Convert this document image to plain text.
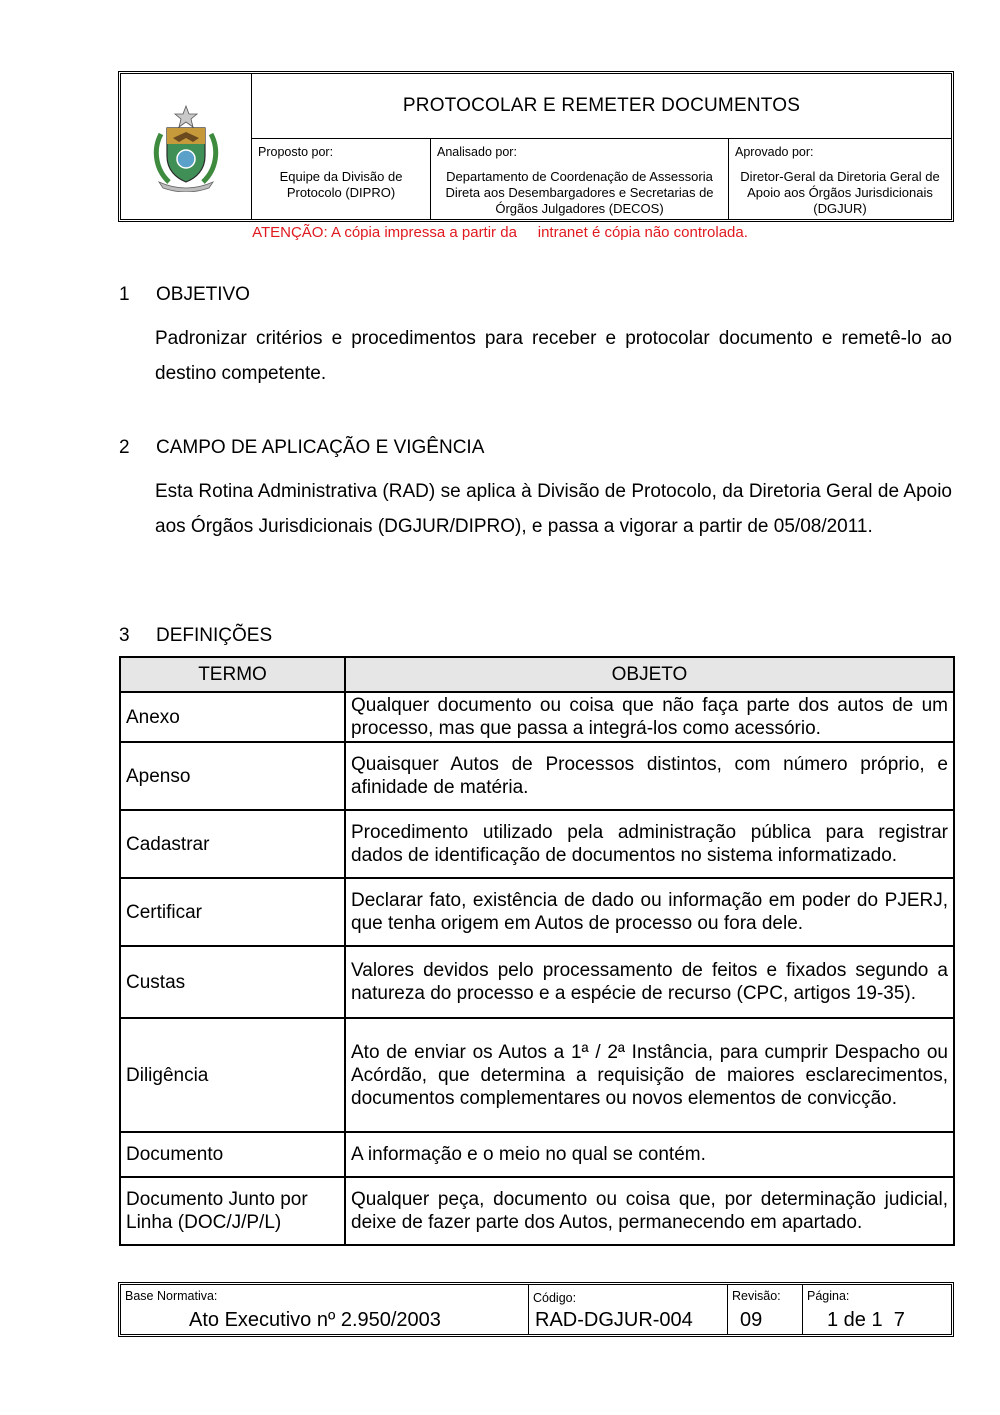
PROTOCOLAR E REMETER DOCUMENTOS
Proposto por:
Equipe da Divisão de Protocolo (DIPRO)
Analisado por:
Departamento de Coordenação de Assessoria Direta aos Desembargadores e Secretarias de Órgãos Julgadores (DECOS)
Aprovado por:
Diretor-Geral da Diretoria Geral de Apoio aos Órgãos Jurisdicionais (DGJUR)
ATENÇÃO: A cópia impressa a partir da     intranet é cópia não controlada.
1 OBJETIVO
Padronizar critérios e procedimentos para receber e protocolar documento e remetê-lo ao destino competente.
2 CAMPO DE APLICAÇÃO E VIGÊNCIA
Esta Rotina Administrativa (RAD) se aplica à Divisão de Protocolo, da Diretoria Geral de Apoio aos Órgãos Jurisdicionais (DGJUR/DIPRO), e passa a vigorar a partir de 05/08/2011.
3 DEFINIÇÕES
TERMO	OBJETO
Anexo	Qualquer documento ou coisa que não faça parte dos autos de um processo, mas que passa a integrá-los como acessório.
Apenso	Quaisquer Autos de Processos distintos, com número próprio, e afinidade de matéria.
Cadastrar	Procedimento utilizado pela administração pública para registrar dados de identificação de documentos no sistema informatizado.
Certificar	Declarar fato, existência de dado ou informação em poder do PJERJ, que tenha origem em Autos de processo ou fora dele.
Custas	Valores devidos pelo processamento de feitos e fixados segundo a natureza do processo e a espécie de recurso (CPC, artigos 19-35).
Diligência	Ato de enviar os Autos a 1ª / 2ª Instância, para cumprir Despacho ou Acórdão, que determina a requisição de maiores esclarecimentos, documentos complementares ou novos elementos de convicção.
Documento	A informação e o meio no qual se contém.
Documento Junto por Linha (DOC/J/P/L)	Qualquer peça, documento ou coisa que, por determinação judicial, deixe de fazer parte dos Autos, permanecendo em apartado.
Base Normativa:
Ato Executivo nº 2.950/2003
Código:
RAD-DGJUR-004
Revisão:
09
Página:
1 de 1  7
